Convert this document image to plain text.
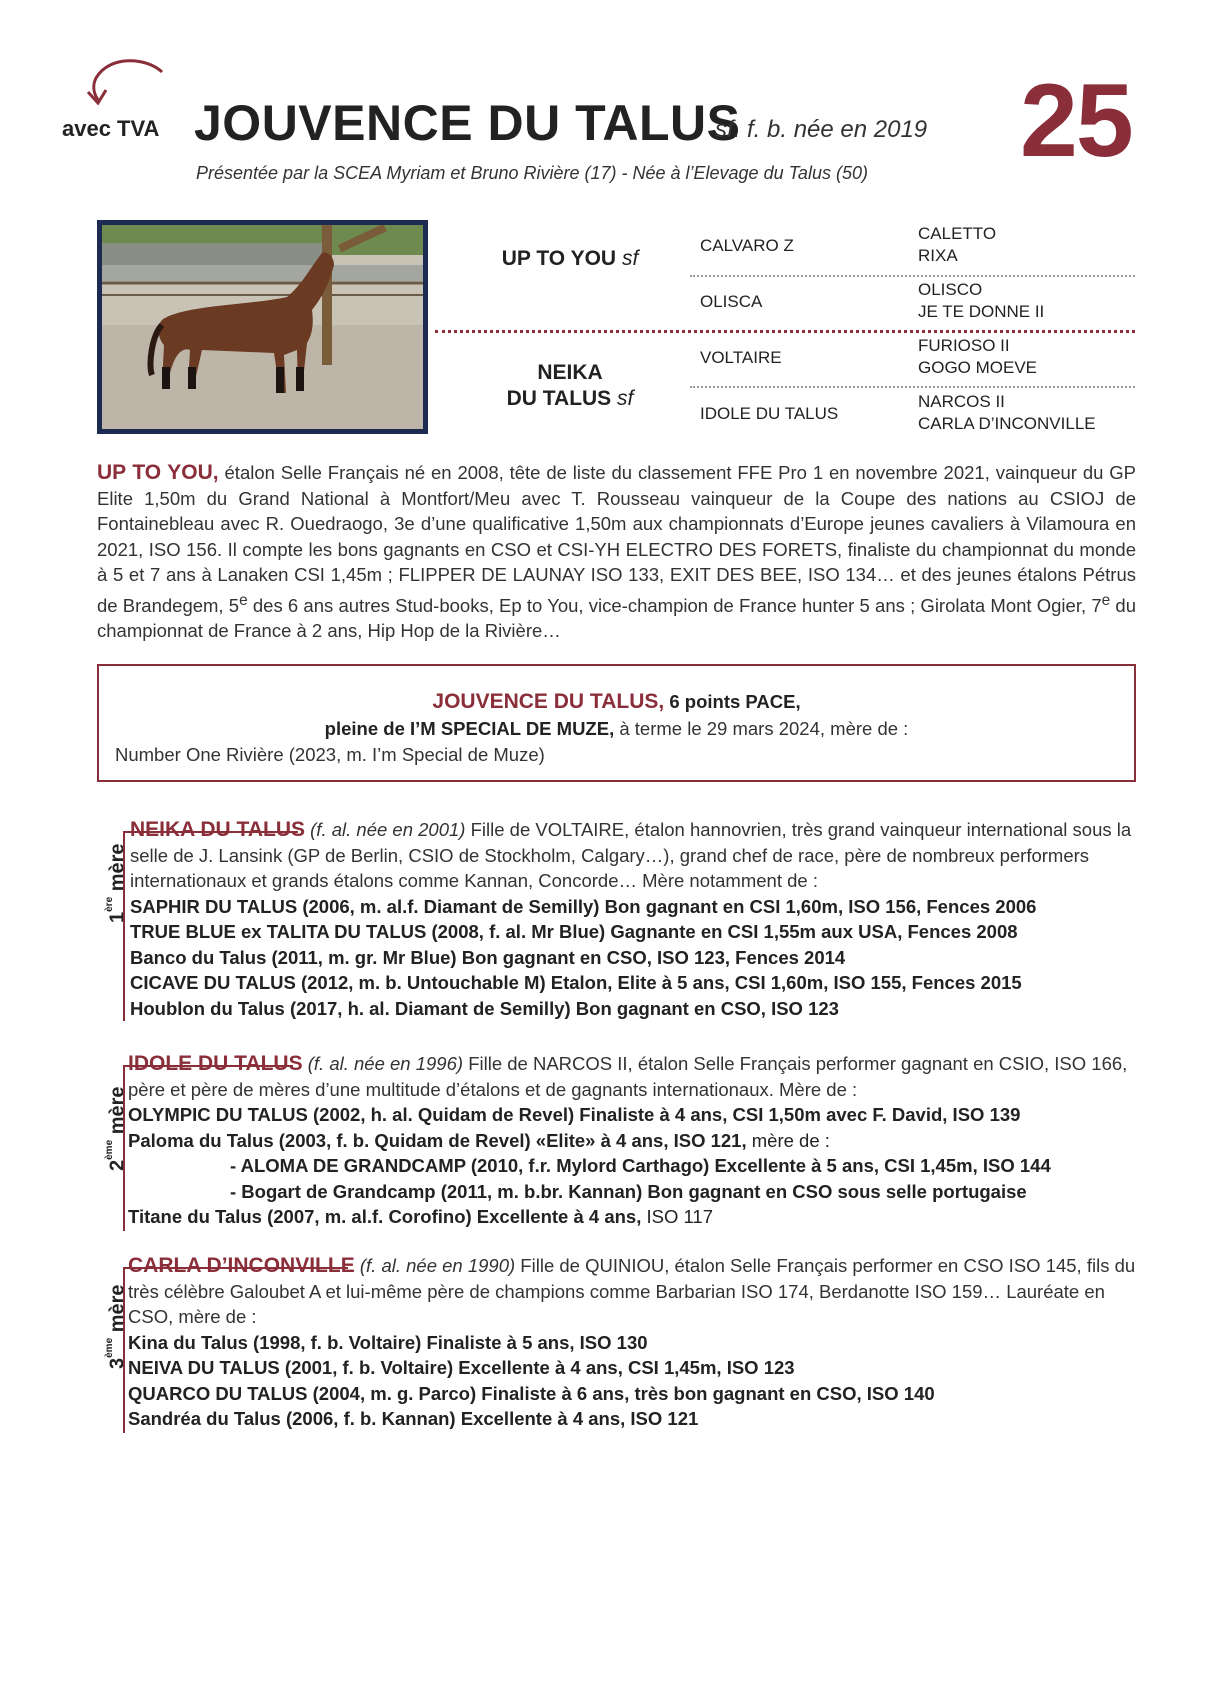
avec TVA JOUVENCE DU TALUS
sf. f. b. née en 2019 25
Présentée par la SCEA Myriam et Bruno Rivière (17) - Née à l’Elevage du Talus (50)
UP TO YOU sf
NEIKA
DU TALUS sf
CALVARO Z
OLISCA
VOLTAIRE
IDOLE DU TALUS
CALETTO
RIXA
OLISCO
JE TE DONNE II
FURIOSO II
GOGO MOEVE
NARCOS II
CARLA D’INCONVILLE
UP TO YOU, étalon Selle Français né en 2008, tête de liste du classement FFE Pro 1 en novembre 2021, vainqueur du GP Elite 1,50m du Grand National à Montfort/Meu avec T. Rousseau vainqueur de la Coupe des nations au CSIOJ de Fontainebleau avec R. Ouedraogo, 3e d’une qualificative 1,50m aux championnats d’Europe jeunes cavaliers à Vilamoura en 2021, ISO 156. Il compte les bons gagnants en CSO et CSI-YH ELECTRO DES FORETS, finaliste du championnat du monde à 5 et 7 ans à Lanaken CSI 1,45m ; FLIPPER DE LAUNAY ISO 133, EXIT DES BEE, ISO 134… et des jeunes étalons Pétrus de Brandegem, 5e des 6 ans autres Stud-books, Ep to You, vice-champion de France hunter 5 ans ; Girolata Mont Ogier, 7e du championnat de France à 2 ans, Hip Hop de la Rivière…
JOUVENCE DU TALUS, 6 points PACE,
pleine de I’M SPECIAL DE MUZE, à terme le 29 mars 2024, mère de :
Number One Rivière (2023, m. I’m Special de Muze)
1ère mère
NEIKA DU TALUS (f. al. née en 2001) Fille de VOLTAIRE, étalon hannovrien, très grand vainqueur international sous la selle de J. Lansink (GP de Berlin, CSIO de Stockholm, Calgary…), grand chef de race, père de nombreux performers internationaux et grands étalons comme Kannan, Concorde… Mère notamment de :
SAPHIR DU TALUS (2006, m. al.f. Diamant de Semilly) Bon gagnant en CSI 1,60m, ISO 156, Fences 2006
TRUE BLUE ex TALITA DU TALUS (2008, f. al. Mr Blue) Gagnante en CSI 1,55m aux USA, Fences 2008
Banco du Talus (2011, m. gr. Mr Blue) Bon gagnant en CSO, ISO 123, Fences 2014
CICAVE DU TALUS (2012, m. b. Untouchable M) Etalon, Elite à 5 ans, CSI 1,60m, ISO 155, Fences 2015
Houblon du Talus (2017, h. al. Diamant de Semilly) Bon gagnant en CSO, ISO 123
2ème mère
IDOLE DU TALUS (f. al. née en 1996) Fille de NARCOS II, étalon Selle Français performer gagnant en CSIO, ISO 166, père et père de mères d’une multitude d’étalons et de gagnants internationaux. Mère de :
OLYMPIC DU TALUS (2002, h. al. Quidam de Revel) Finaliste à 4 ans, CSI 1,50m avec F. David, ISO 139
Paloma du Talus (2003, f. b. Quidam de Revel) «Elite» à 4 ans, ISO 121, mère de :
- ALOMA DE GRANDCAMP (2010, f.r. Mylord Carthago) Excellente à 5 ans, CSI 1,45m, ISO 144
- Bogart de Grandcamp (2011, m. b.br. Kannan) Bon gagnant en CSO sous selle portugaise
Titane du Talus (2007, m. al.f. Corofino) Excellente à 4 ans, ISO 117
3ème mère
CARLA D’INCONVILLE (f. al. née en 1990) Fille de QUINIOU, étalon Selle Français performer en CSO ISO 145, fils du très célèbre Galoubet A et lui-même père de champions comme Barbarian ISO 174, Berdanotte ISO 159… Lauréate en CSO, mère de :
Kina du Talus (1998, f. b. Voltaire) Finaliste à 5 ans, ISO 130
NEIVA DU TALUS (2001, f. b. Voltaire) Excellente à 4 ans, CSI 1,45m, ISO 123
QUARCO DU TALUS (2004, m. g. Parco) Finaliste à 6 ans, très bon gagnant en CSO, ISO 140
Sandréa du Talus (2006, f. b. Kannan) Excellente à 4 ans, ISO 121
